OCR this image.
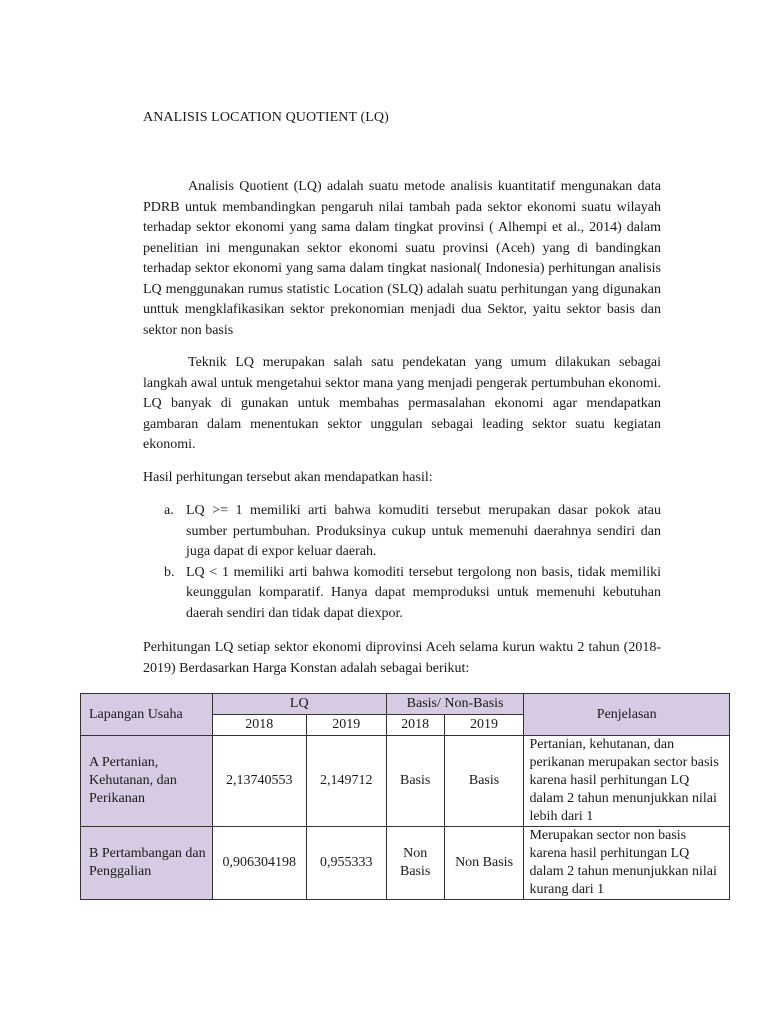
ANALISIS LOCATION QUOTIENT (LQ)

Analisis Quotient (LQ) adalah suatu metode analisis kuantitatif mengunakan data PDRB untuk membandingkan pengaruh nilai tambah pada sektor ekonomi suatu wilayah terhadap sektor ekonomi yang sama dalam tingkat provinsi ( Alhempi et al., 2014) dalam penelitian ini mengunakan sektor ekonomi suatu provinsi (Aceh) yang di bandingkan terhadap sektor ekonomi yang sama dalam tingkat nasional( Indonesia) perhitungan analisis LQ menggunakan rumus statistic Location (SLQ) adalah suatu perhitungan yang digunakan unttuk mengklafikasikan sektor prekonomian menjadi dua Sektor, yaitu sektor basis dan sektor non basis

Teknik LQ merupakan salah satu pendekatan yang umum dilakukan sebagai langkah awal untuk mengetahui sektor mana yang menjadi pengerak pertumbuhan ekonomi. LQ banyak di gunakan untuk membahas permasalahan ekonomi agar mendapatkan gambaran dalam menentukan sektor unggulan sebagai leading sektor suatu kegiatan ekonomi.

Hasil perhitungan tersebut akan mendapatkan hasil:

a. LQ >= 1 memiliki arti bahwa komuditi tersebut merupakan dasar pokok atau sumber pertumbuhan. Produksinya cukup untuk memenuhi daerahnya sendiri dan juga dapat di expor keluar daerah.
b. LQ < 1 memiliki arti bahwa komoditi tersebut tergolong non basis, tidak memiliki keunggulan komparatif. Hanya dapat memproduksi untuk memenuhi kebutuhan daerah sendiri dan tidak dapat diexpor.

Perhitungan LQ setiap sektor ekonomi diprovinsi Aceh selama kurun waktu 2 tahun (2018-2019) Berdasarkan Harga Konstan adalah sebagai berikut:

Lapangan Usaha	LQ		Basis/ Non-Basis		Penjelasan
	2018	2019	2018	2019	
A Pertanian, Kehutanan, dan Perikanan	2,13740553	2,149712	Basis	Basis	Pertanian, kehutanan, dan perikanan merupakan sector basis karena hasil perhitungan LQ dalam 2 tahun menunjukkan nilai lebih dari 1
B Pertambangan dan Penggalian	0,906304198	0,955333	Non Basis	Non Basis	Merupakan sector non basis karena hasil perhitungan LQ dalam 2 tahun menunjukkan nilai kurang dari 1
